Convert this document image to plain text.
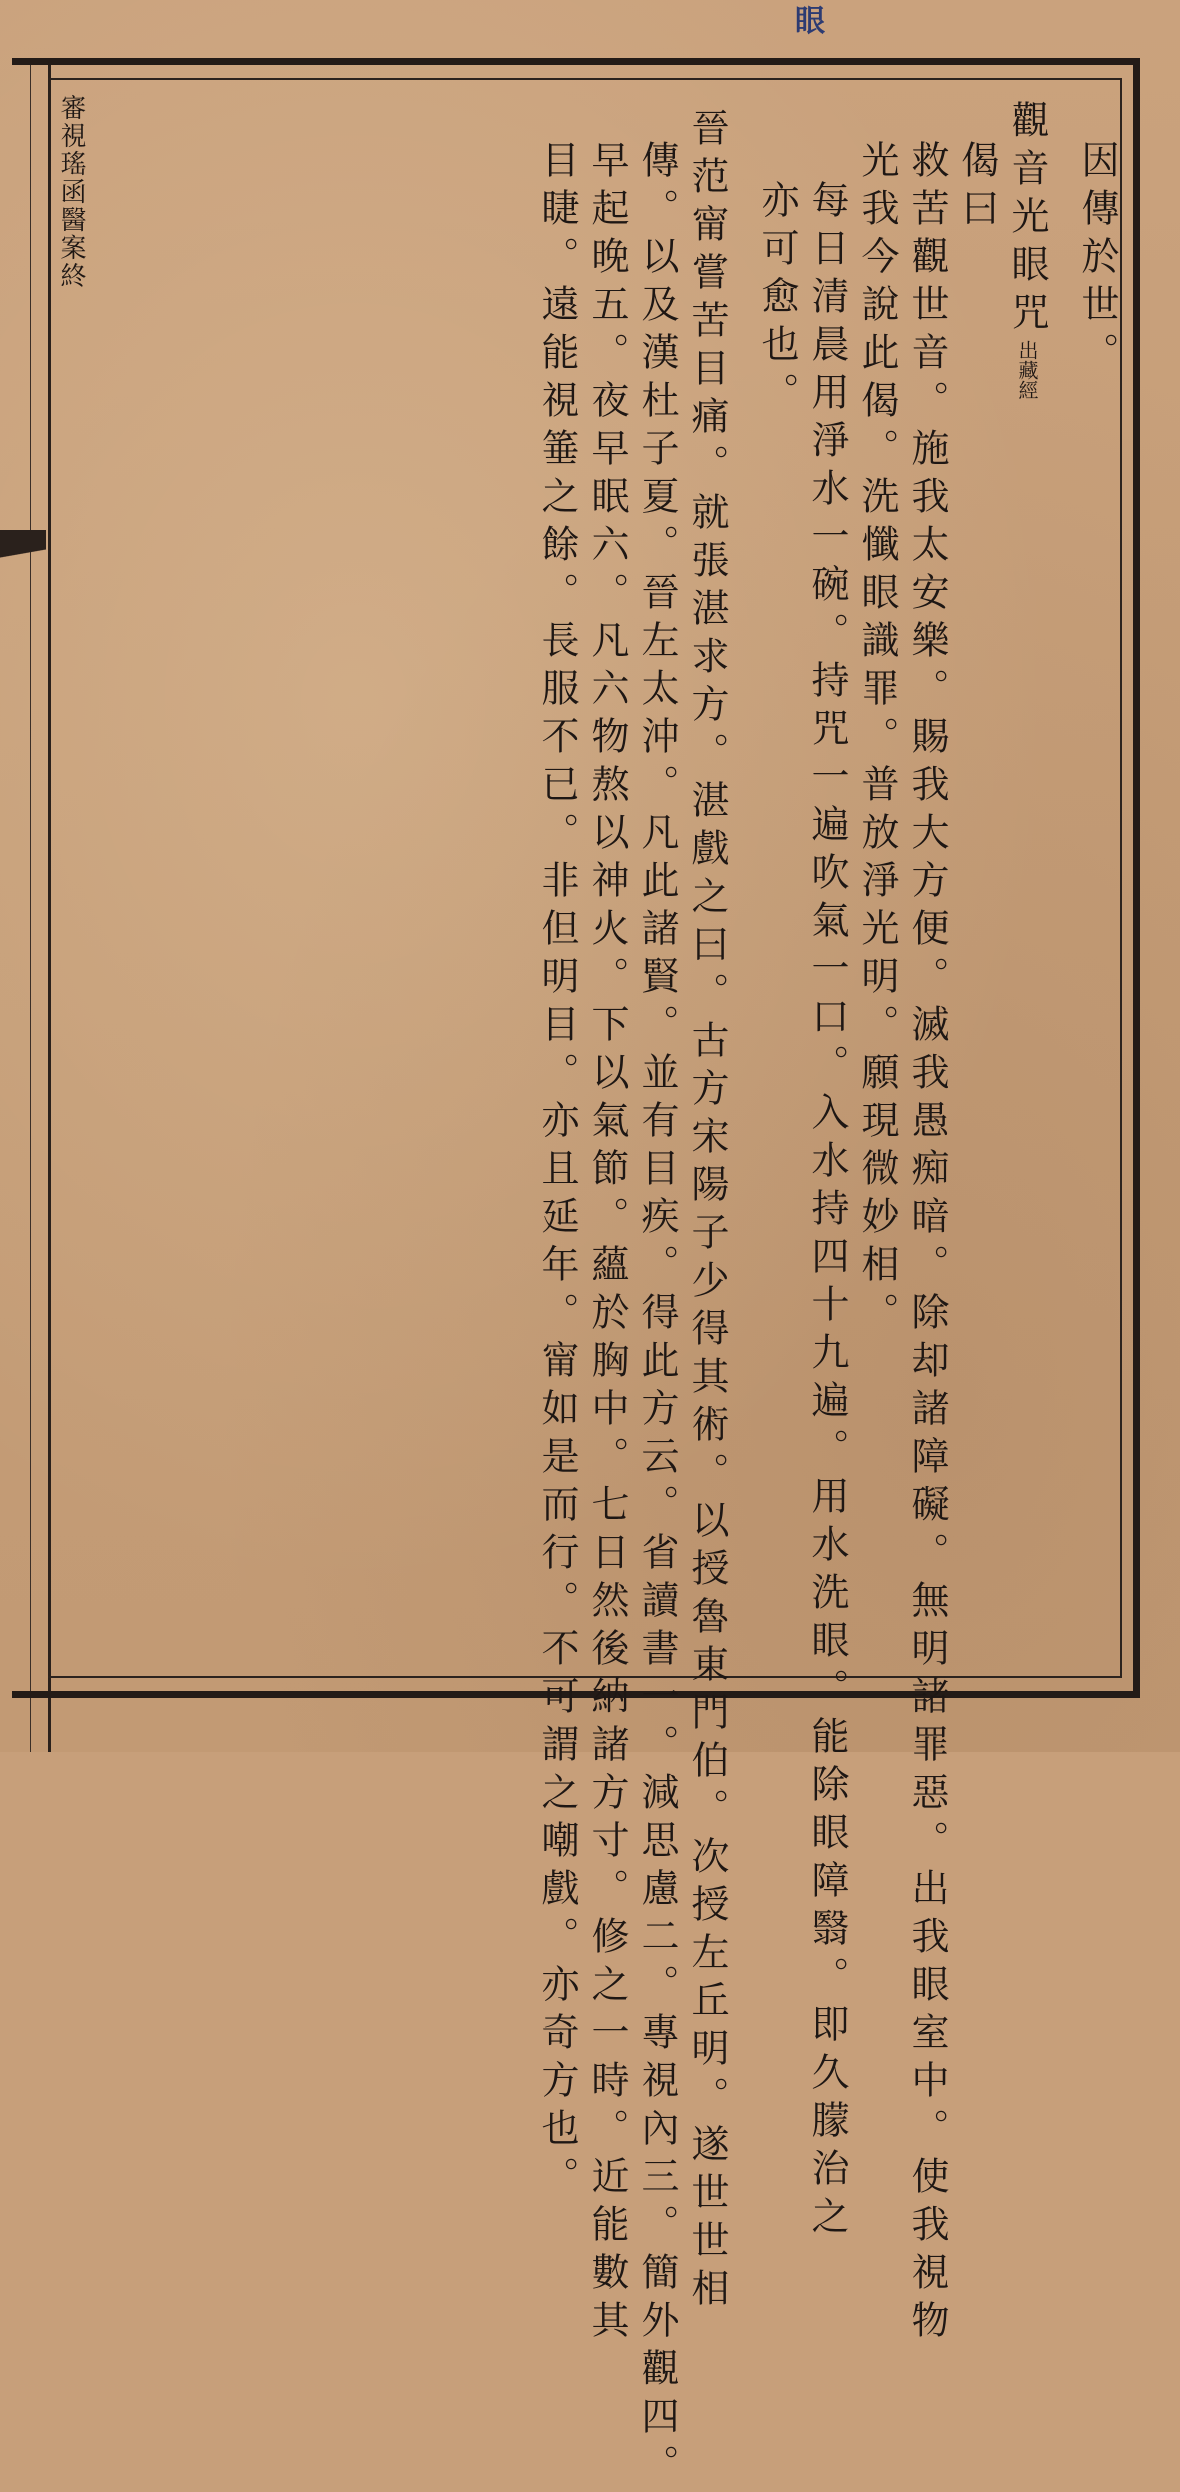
眼
因傳於世。
觀音光眼咒出藏經
偈曰
救苦觀世音。施我太安樂。賜我大方便。滅我愚痴暗。除却諸障礙。無明諸罪惡。出我眼室中。使我視物
光我今說此偈。洗懺眼識罪。普放淨光明。願現微妙相。
每日清晨用淨水一碗。持咒一遍吹氣一口。入水持四十九遍。用水洗眼。能除眼障翳。即久朦治之
亦可愈也。
晉范甯嘗苦目痛。就張湛求方。湛戲之曰。古方宋陽子少得其術。以授魯東門伯。次授左丘明。遂世世相
傳。以及漢杜子夏。晉左太沖。凡此諸賢。並有目疾。得此方云。省讀書一。減思慮二。專視內三。簡外觀四。
早起晚五。夜早眠六。凡六物熬以神火。下以氣節。蘊於胸中。七日然後納諸方寸。修之一時。近能數其
目睫。遠能視箠之餘。長服不已。非但明目。亦且延年。甯如是而行。不可謂之嘲戲。亦奇方也。
審視瑤函醫案終
